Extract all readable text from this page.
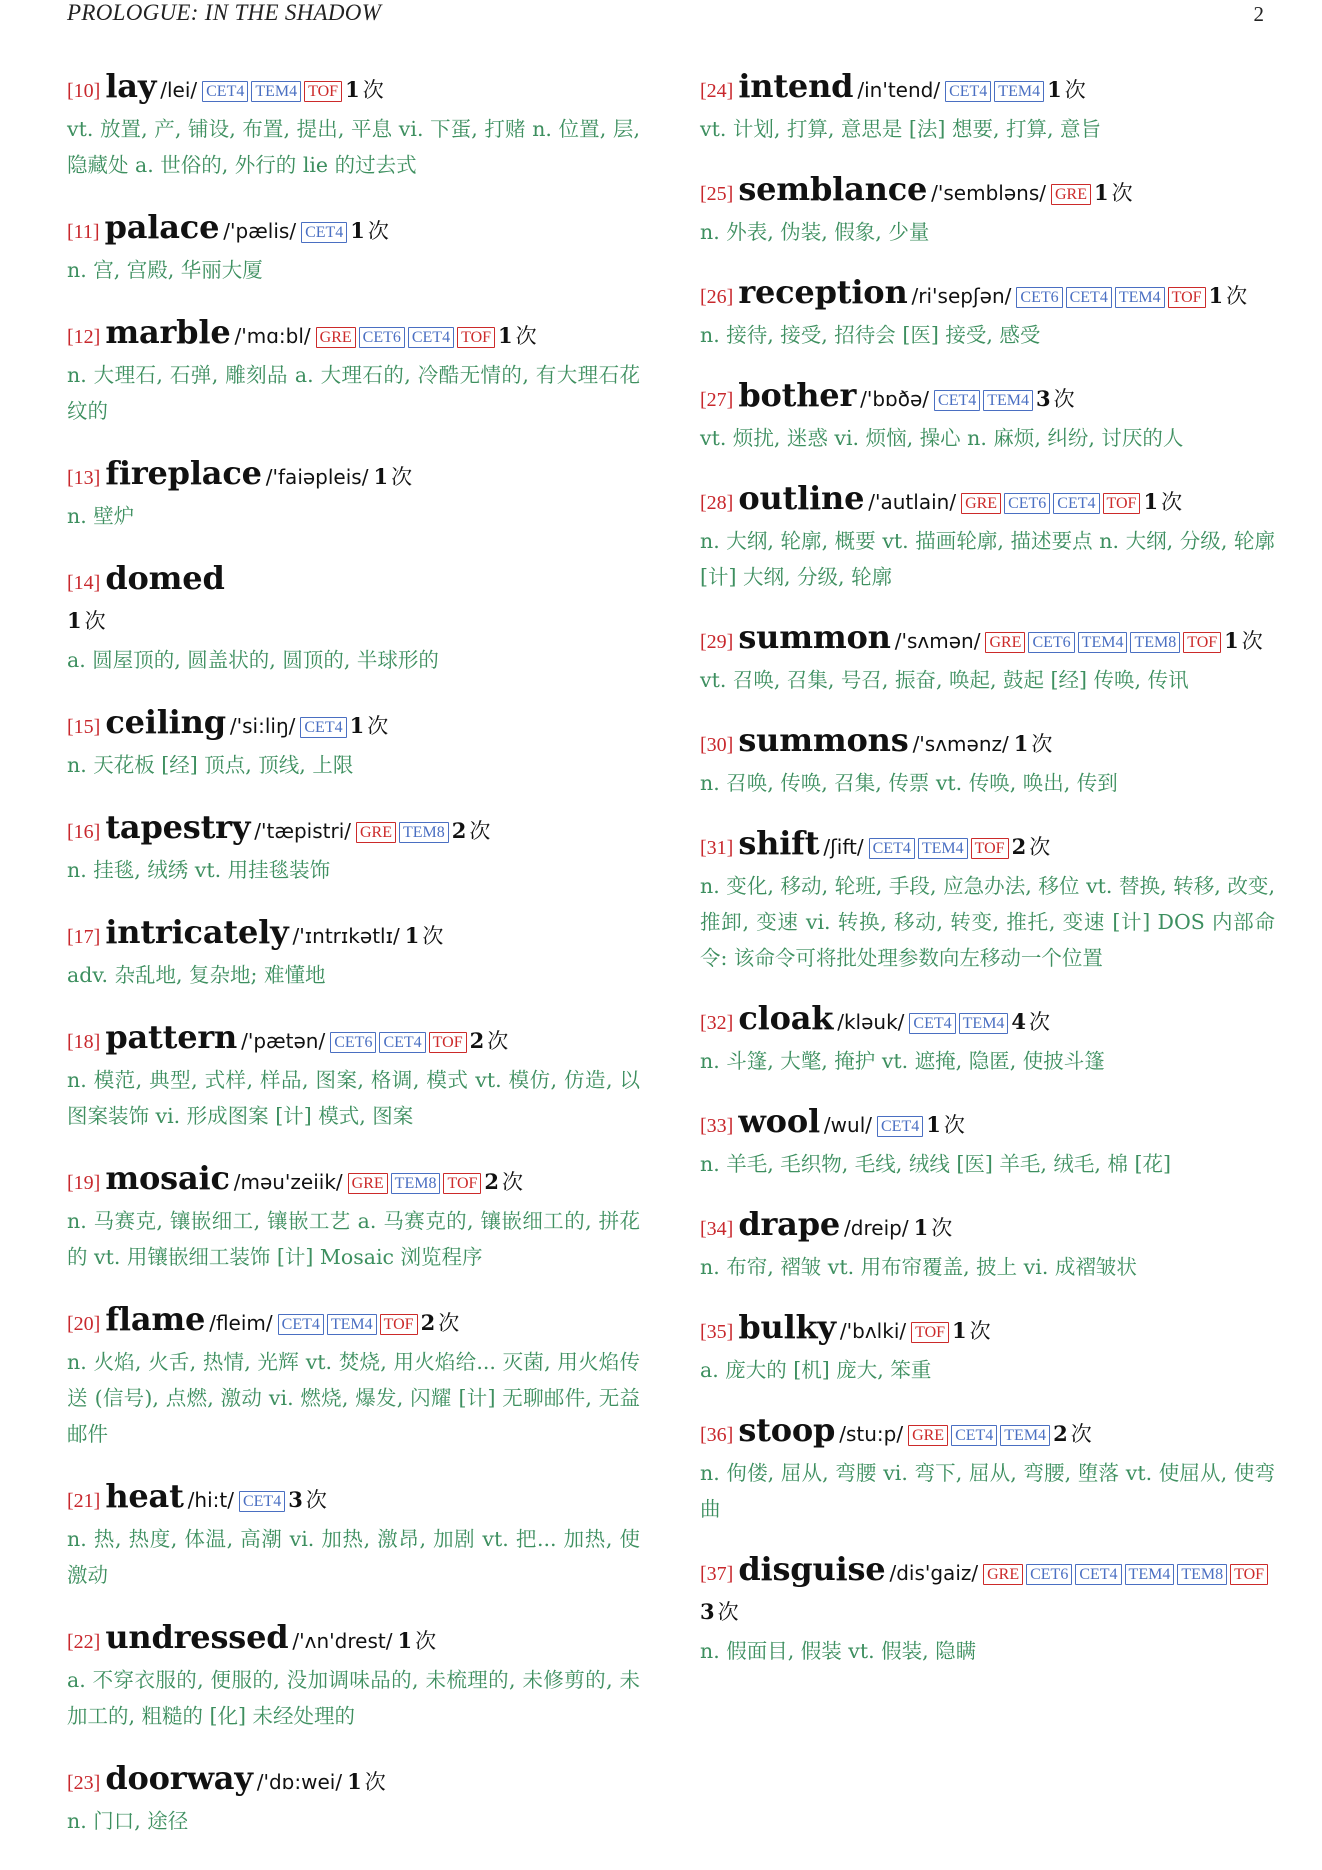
PROLOGUE: IN THE SHADOW	2
[10] lay /lei/ CET4 TEM4 TOF 1 次
vt. 放置, 产, 铺设, 布置, 提出, 平息 vi. 下蛋, 打赌 n. 位置, 层, 隐藏处 a. 世俗的, 外行的 lie 的过去式
[11] palace /'pælis/ CET4 1 次
n. 宫, 宫殿, 华丽大厦
[12] marble /'mɑ:bl/ GRE CET6 CET4 TOF 1 次
n. 大理石, 石弹, 雕刻品 a. 大理石的, 冷酷无情的, 有大理石花纹的
[13] fireplace /'faiəpleis/ 1 次
n. 壁炉
[14] domed
1 次
a. 圆屋顶的, 圆盖状的, 圆顶的, 半球形的
[15] ceiling /'si:liŋ/ CET4 1 次
n. 天花板 [经] 顶点, 顶线, 上限
[16] tapestry /'tæpistri/ GRE TEM8 2 次
n. 挂毯, 绒绣 vt. 用挂毯装饰
[17] intricately /'ɪntrɪkətlɪ/ 1 次
adv. 杂乱地, 复杂地; 难懂地
[18] pattern /'pætən/ CET6 CET4 TOF 2 次
n. 模范, 典型, 式样, 样品, 图案, 格调, 模式 vt. 模仿, 仿造, 以图案装饰 vi. 形成图案 [计] 模式, 图案
[19] mosaic /məu'zeiik/ GRE TEM8 TOF 2 次
n. 马赛克, 镶嵌细工, 镶嵌工艺 a. 马赛克的, 镶嵌细工的, 拼花的 vt. 用镶嵌细工装饰 [计] Mosaic 浏览程序
[20] flame /fleim/ CET4 TEM4 TOF 2 次
n. 火焰, 火舌, 热情, 光辉 vt. 焚烧, 用火焰给... 灭菌, 用火焰传送 (信号), 点燃, 激动 vi. 燃烧, 爆发, 闪耀 [计] 无聊邮件, 无益邮件
[21] heat /hi:t/ CET4 3 次
n. 热, 热度, 体温, 高潮 vi. 加热, 激昂, 加剧 vt. 把... 加热, 使激动
[22] undressed /'ʌn'drest/ 1 次
a. 不穿衣服的, 便服的, 没加调味品的, 未梳理的, 未修剪的, 未加工的, 粗糙的 [化] 未经处理的
[23] doorway /'dɒ:wei/ 1 次
n. 门口, 途径
[24] intend /in'tend/ CET4 TEM4 1 次
vt. 计划, 打算, 意思是 [法] 想要, 打算, 意旨
[25] semblance /'sembləns/ GRE 1 次
n. 外表, 伪装, 假象, 少量
[26] reception /ri'sepʃən/ CET6 CET4 TEM4 TOF 1 次
n. 接待, 接受, 招待会 [医] 接受, 感受
[27] bother /'bɒðə/ CET4 TEM4 3 次
vt. 烦扰, 迷惑 vi. 烦恼, 操心 n. 麻烦, 纠纷, 讨厌的人
[28] outline /'autlain/ GRE CET6 CET4 TOF 1 次
n. 大纲, 轮廓, 概要 vt. 描画轮廓, 描述要点 n. 大纲, 分级, 轮廓 [计] 大纲, 分级, 轮廓
[29] summon /'sʌmən/ GRE CET6 TEM4 TEM8 TOF 1 次
vt. 召唤, 召集, 号召, 振奋, 唤起, 鼓起 [经] 传唤, 传讯
[30] summons /'sʌmənz/ 1 次
n. 召唤, 传唤, 召集, 传票 vt. 传唤, 唤出, 传到
[31] shift /ʃift/ CET4 TEM4 TOF 2 次
n. 变化, 移动, 轮班, 手段, 应急办法, 移位 vt. 替换, 转移, 改变, 推卸, 变速 vi. 转换, 移动, 转变, 推托, 变速 [计] DOS 内部命令: 该命令可将批处理参数向左移动一个位置
[32] cloak /kləuk/ CET4 TEM4 4 次
n. 斗篷, 大氅, 掩护 vt. 遮掩, 隐匿, 使披斗篷
[33] wool /wul/ CET4 1 次
n. 羊毛, 毛织物, 毛线, 绒线 [医] 羊毛, 绒毛, 棉 [花]
[34] drape /dreip/ 1 次
n. 布帘, 褶皱 vt. 用布帘覆盖, 披上 vi. 成褶皱状
[35] bulky /'bʌlki/ TOF 1 次
a. 庞大的 [机] 庞大, 笨重
[36] stoop /stu:p/ GRE CET4 TEM4 2 次
n. 佝偻, 屈从, 弯腰 vi. 弯下, 屈从, 弯腰, 堕落 vt. 使屈从, 使弯曲
[37] disguise /dis'gaiz/ GRE CET6 CET4 TEM4 TEM8 TOF3 次
n. 假面目, 假装 vt. 假装, 隐瞒
